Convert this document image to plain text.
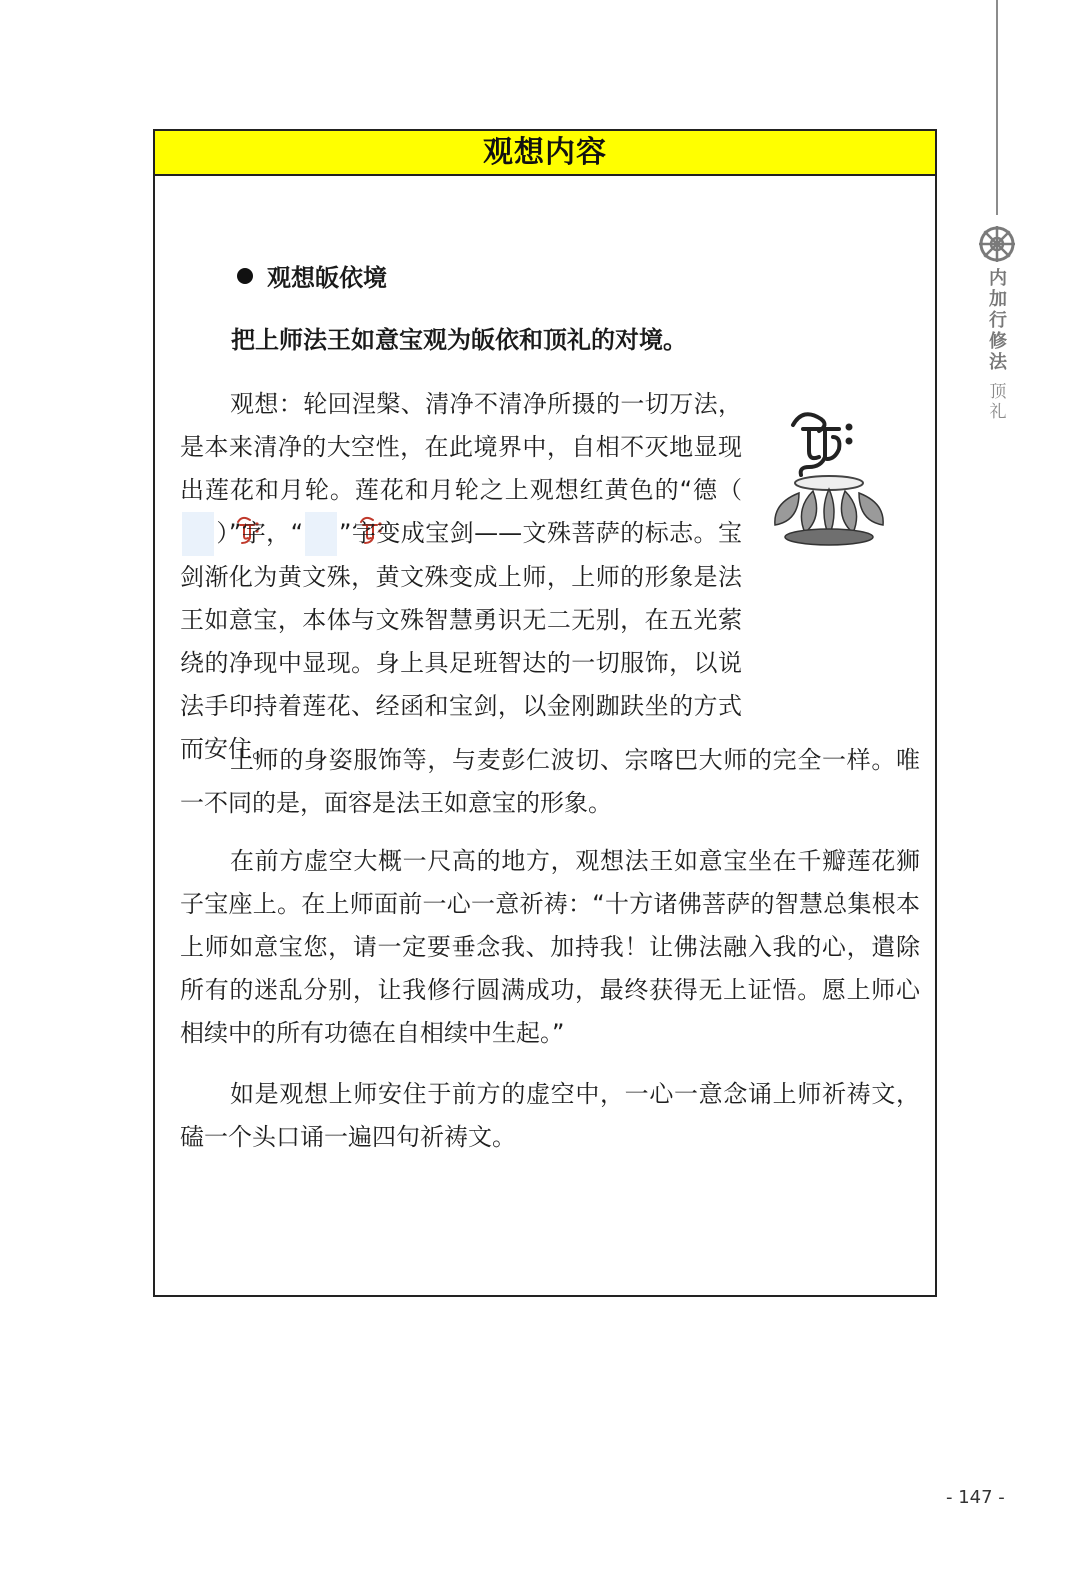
内加行修法
顶礼
观想内容
观想皈依境
把上师法王如意宝观为皈依和顶礼的对境。
观想：轮回涅槃、清净不清净所摄的一切万法，是本来清净的大空性，在此境界中，自相不灭地显现出莲花和月轮。莲花和月轮之上观想红黄色的“德（）”字，“ ”字变成宝剑——文殊菩萨的标志。宝剑渐化为黄文殊，黄文殊变成上师，上师的形象是法王如意宝，本体与文殊智慧勇识无二无别，在五光萦绕的净现中显现。身上具足班智达的一切服饰，以说法手印持着莲花、经函和宝剑，以金刚跏趺坐的方式而安住。
上师的身姿服饰等，与麦彭仁波切、宗喀巴大师的完全一样。唯一不同的是，面容是法王如意宝的形象。
在前方虚空大概一尺高的地方，观想法王如意宝坐在千瓣莲花狮子宝座上。在上师面前一心一意祈祷：“十方诸佛菩萨的智慧总集根本上师如意宝您，请一定要垂念我、加持我！让佛法融入我的心，遣除所有的迷乱分别，让我修行圆满成功，最终获得无上证悟。愿上师心相续中的所有功德在自相续中生起。”
如是观想上师安住于前方的虚空中，一心一意念诵上师祈祷文，磕一个头口诵一遍四句祈祷文。
- 147 -
